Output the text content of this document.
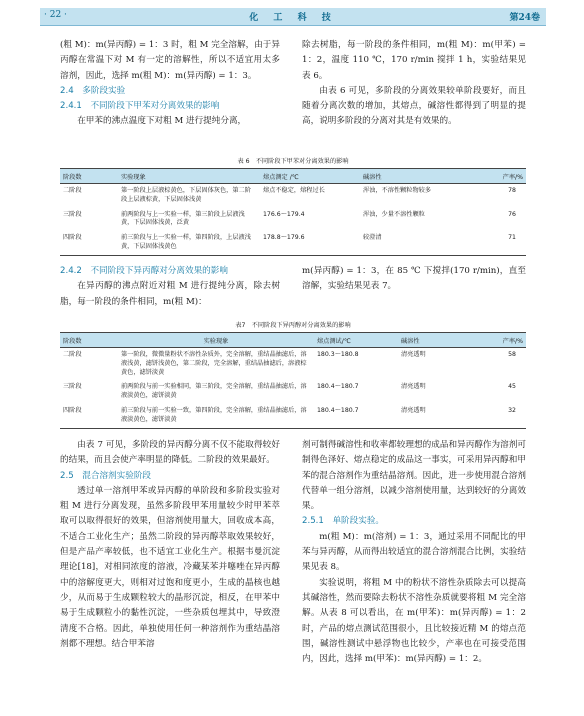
· 22 ·	化 工 科 技	第24卷

(粗 M)：m(异丙醇) = 1：3 时，粗 M 完全溶解，由于异丙醇在常温下对 M 有一定的溶解性，所以不适宜用太多溶剂，因此，选择 m(粗 M)：m(异丙醇) = 1：3。

2.4　多阶段实验

2.4.1　不同阶段下甲苯对分离效果的影响

在甲苯的沸点温度下对粗 M 进行提纯分离，

除去树脂，每一阶段的条件相同，m(粗 M)：m(甲苯) = 1：2，温度 110 ℃，170 r/min 搅拌 1 h，实验结果见表 6。

由表 6 可见，多阶段的分离效果较单阶段要好，而且随着分离次数的增加，其熔点，碱溶性都得到了明显的提高，说明多阶段的分离对其是有效果的。

表 6　不同阶段下甲苯对分离效果的影响
阶段数	实验现象	熔点测定 /℃	碱溶性	产率/%
二阶段	第一阶段上层液棕黄色，下层固体灰色，第二阶段上层液棕黄，下层固体浅黄	熔点不稳定，熔程过长	浑浊，不溶性颗粒物较多	78
三阶段	前两阶段与上一实验一样，第三阶段上层液浅黄，下层固体浅黄，泛黄	176.6～179.4	浑浊，少量不溶性颗粒	76
四阶段	前三阶段与上一实验一样，第四阶段，上层液浅黄，下层固体浅黄色	178.8～179.6	较澄清	71

2.4.2　不同阶段下异丙醇对分离效果的影响

在异丙醇的沸点附近对粗 M 进行提纯分离，除去树脂，每一阶段的条件相同，m(粗 M)：

m(异丙醇) = 1：3，在 85 ℃ 下搅拌(170 r/min)，直至溶解，实验结果见表 7。

表7　不同阶段下异丙醇对分离效果的影响
阶段数	实验现象	熔点测试/℃	碱溶性	产率/%
二阶段	第一阶段，微微量粉状不溶性杂质外，完全溶解，重结晶抽滤后，溶液浅黄，滤饼浅黄色，第二阶段，完全溶解，重结晶抽滤后，溶液棕黄色，滤饼淡黄	180.3～180.8	清亮透明	58
三阶段	前两阶段与前一实验相同，第三阶段，完全溶解，重结晶抽滤后，溶液淡黄色，滤饼淡黄	180.4～180.7	清亮透明	45
四阶段	前三阶段与前一实验一致，第四阶段，完全溶解，重结晶抽滤后，溶液淡黄色，滤饼淡黄	180.4～180.7	清亮透明	32

由表 7 可见，多阶段的异丙醇分离不仅不能取得较好的结果，而且会使产率明显的降低。二阶段的效果最好。

2.5　混合溶剂实验阶段

透过单一溶剂甲苯或异丙醇的单阶段和多阶段实验对粗 M 进行分离发现，虽然多阶段甲苯用量较少时甲苯萃取可以取得很好的效果，但溶剂使用量大，回收成本高，不适合工业化生产；虽然二阶段的异丙醇萃取效果较好，但是产品产率较低，也不适宜工业化生产。根据韦曼沉淀理论[18]，对相同浓度的溶液，冷藏某苯并噻唑在异丙醇中的溶解度更大，则相对过饱和度更小，生成的晶核也越少，从而易于生成颗粒较大的晶形沉淀，相反，在甲苯中易于生成颗粒小的黏性沉淀，一些杂质包埋其中，导致澄清度不合格。因此，单独使用任何一种溶剂作为重结晶溶剂都不理想。结合甲苯溶

剂可制得碱溶性和收率都较理想的成品和异丙醇作为溶剂可制得色泽好、熔点稳定的成品这一事实，可采用异丙醇和甲苯的混合溶剂作为重结晶溶剂。因此，进一步使用混合溶剂代替单一组分溶剂，以减少溶剂使用量，达到较好的分离效果。

2.5.1　单阶段实验。

m(粗 M)：m(溶剂) = 1：3，通过采用不同配比的甲苯与异丙醇，从而得出较适宜的混合溶剂混合比例，实验结果见表 8。

实验说明，将粗 M 中的粉状不溶性杂质除去可以提高其碱溶性，然而要除去粉状不溶性杂质就要将粗 M 完全溶解。从表 8 可以看出，在 m(甲苯)：m(异丙醇) = 1：2 时，产品的熔点测试范围很小，且比较接近精 M 的熔点范围，碱溶性测试中悬浮物也比较少，产率也在可接受范围内，因此，选择 m(甲苯)：m(异丙醇) = 1：2。
